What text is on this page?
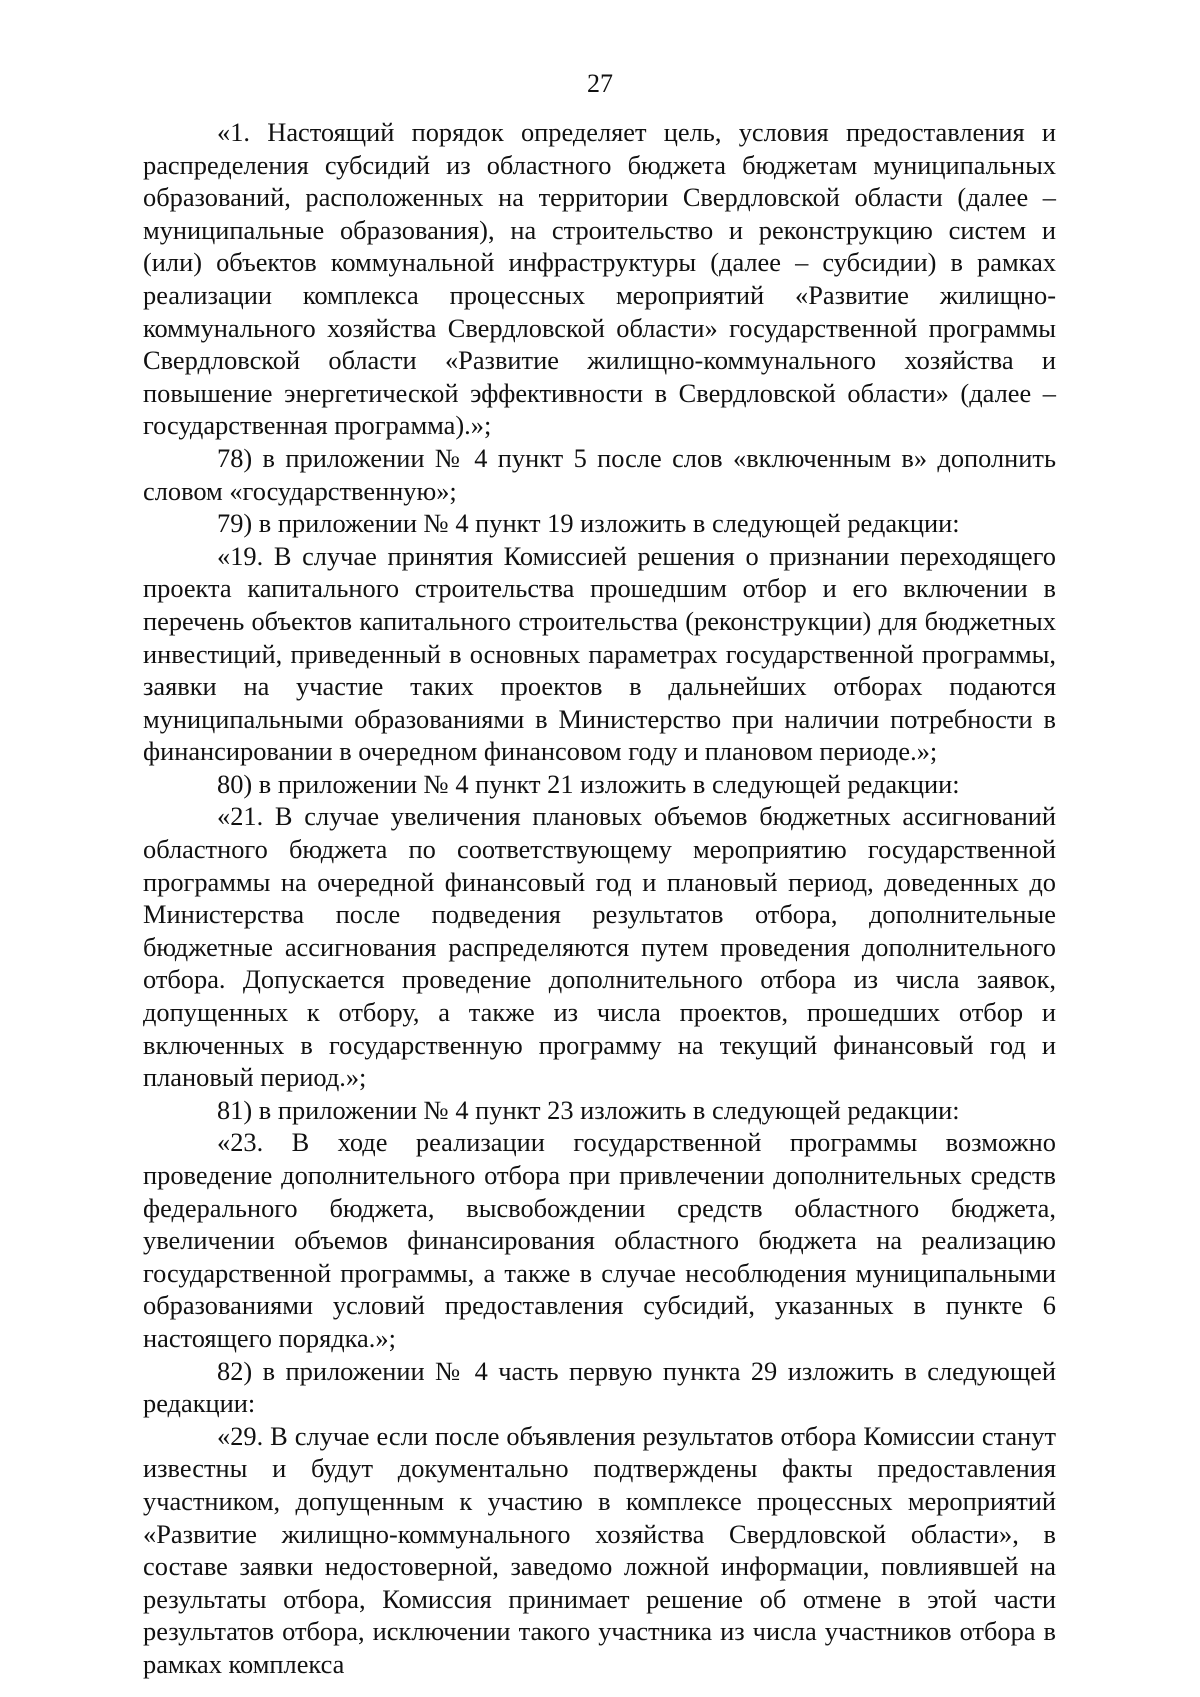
27

«1. Настоящий порядок определяет цель, условия предоставления и распределения субсидий из областного бюджета бюджетам муниципальных образований, расположенных на территории Свердловской области (далее – муниципальные образования), на строительство и реконструкцию систем и (или) объектов коммунальной инфраструктуры (далее – субсидии) в рамках реализации комплекса процессных мероприятий «Развитие жилищно-коммунального хозяйства Свердловской области» государственной программы Свердловской области «Развитие жилищно-коммунального хозяйства и повышение энергетической эффективности в Свердловской области» (далее – государственная программа).»;

78) в приложении № 4 пункт 5 после слов «включенным в» дополнить словом «государственную»;

79) в приложении № 4 пункт 19 изложить в следующей редакции:

«19. В случае принятия Комиссией решения о признании переходящего проекта капитального строительства прошедшим отбор и его включении в перечень объектов капитального строительства (реконструкции) для бюджетных инвестиций, приведенный в основных параметрах государственной программы, заявки на участие таких проектов в дальнейших отборах подаются муниципальными образованиями в Министерство при наличии потребности в финансировании в очередном финансовом году и плановом периоде.»;

80) в приложении № 4 пункт 21 изложить в следующей редакции:

«21. В случае увеличения плановых объемов бюджетных ассигнований областного бюджета по соответствующему мероприятию государственной программы на очередной финансовый год и плановый период, доведенных до Министерства после подведения результатов отбора, дополнительные бюджетные ассигнования распределяются путем проведения дополнительного отбора. Допускается проведение дополнительного отбора из числа заявок, допущенных к отбору, а также из числа проектов, прошедших отбор и включенных в государственную программу на текущий финансовый год и плановый период.»;

81) в приложении № 4 пункт 23 изложить в следующей редакции:

«23. В ходе реализации государственной программы возможно проведение дополнительного отбора при привлечении дополнительных средств федерального бюджета, высвобождении средств областного бюджета, увеличении объемов финансирования областного бюджета на реализацию государственной программы, а также в случае несоблюдения муниципальными образованиями условий предоставления субсидий, указанных в пункте 6 настоящего порядка.»;

82) в приложении № 4 часть первую пункта 29 изложить в следующей редакции:

«29. В случае если после объявления результатов отбора Комиссии станут известны и будут документально подтверждены факты предоставления участником, допущенным к участию в комплексе процессных мероприятий «Развитие жилищно-коммунального хозяйства Свердловской области», в составе заявки недостоверной, заведомо ложной информации, повлиявшей на результаты отбора, Комиссия принимает решение об отмене в этой части результатов отбора, исключении такого участника из числа участников отбора в рамках комплекса
